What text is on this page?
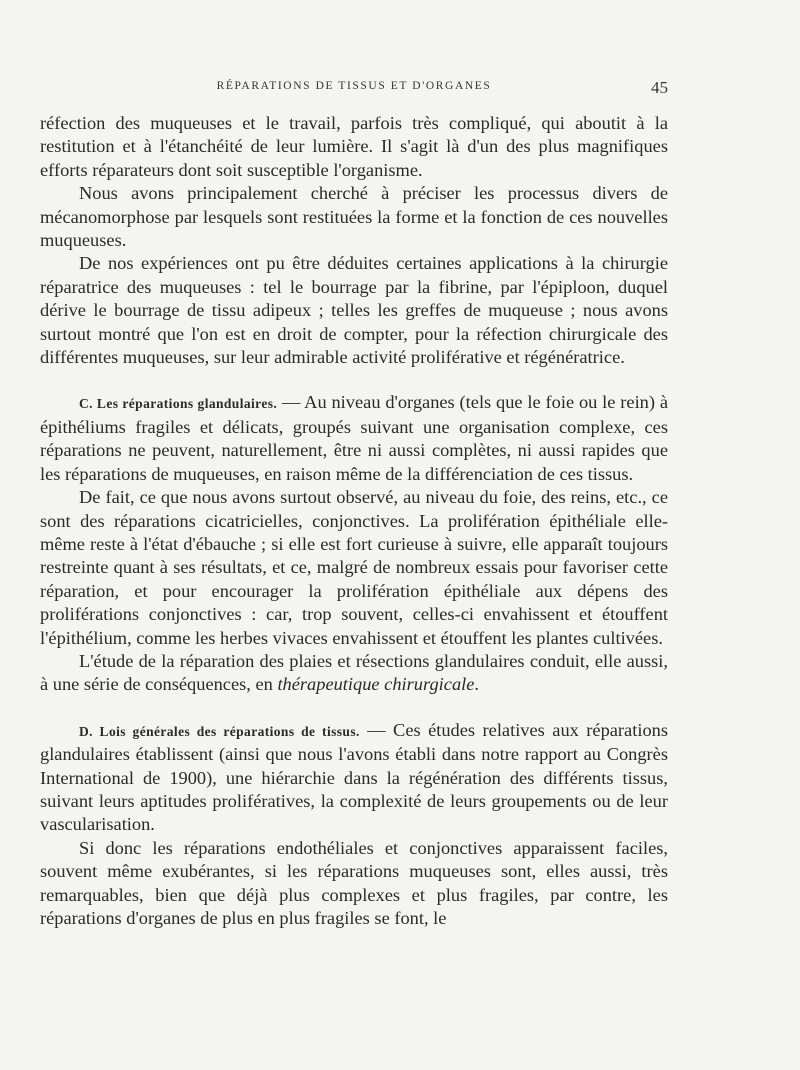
RÉPARATIONS DE TISSUS ET D'ORGANES	45

réfection des muqueuses et le travail, parfois très compliqué, qui aboutit à la restitution et à l'étanchéité de leur lumière. Il s'agit là d'un des plus magnifiques efforts réparateurs dont soit susceptible l'organisme.

Nous avons principalement cherché à préciser les processus divers de mécanomorphose par lesquels sont restituées la forme et la fonction de ces nouvelles muqueuses.

De nos expériences ont pu être déduites certaines applications à la chirurgie réparatrice des muqueuses : tel le bourrage par la fibrine, par l'épiploon, duquel dérive le bourrage de tissu adipeux ; telles les greffes de muqueuse ; nous avons surtout montré que l'on est en droit de compter, pour la réfection chirurgicale des différentes muqueuses, sur leur admirable activité proliférative et régénératrice.

C. Les réparations glandulaires. — Au niveau d'organes (tels que le foie ou le rein) à épithéliums fragiles et délicats, groupés suivant une organisation complexe, ces réparations ne peuvent, naturellement, être ni aussi complètes, ni aussi rapides que les réparations de muqueuses, en raison même de la différenciation de ces tissus.

De fait, ce que nous avons surtout observé, au niveau du foie, des reins, etc., ce sont des réparations cicatricielles, conjonctives. La prolifération épithéliale elle-même reste à l'état d'ébauche ; si elle est fort curieuse à suivre, elle apparaît toujours restreinte quant à ses résultats, et ce, malgré de nombreux essais pour favoriser cette réparation, et pour encourager la prolifération épithéliale aux dépens des proliférations conjonctives : car, trop souvent, celles-ci envahissent et étouffent l'épithélium, comme les herbes vivaces envahissent et étouffent les plantes cultivées.

L'étude de la réparation des plaies et résections glandulaires conduit, elle aussi, à une série de conséquences, en thérapeutique chirurgicale.

D. Lois générales des réparations de tissus. — Ces études relatives aux réparations glandulaires établissent (ainsi que nous l'avons établi dans notre rapport au Congrès International de 1900), une hiérarchie dans la régénération des différents tissus, suivant leurs aptitudes prolifératives, la complexité de leurs groupements ou de leur vascularisation.

Si donc les réparations endothéliales et conjonctives apparaissent faciles, souvent même exubérantes, si les réparations muqueuses sont, elles aussi, très remarquables, bien que déjà plus complexes et plus fragiles, par contre, les réparations d'organes de plus en plus fragiles se font, le
